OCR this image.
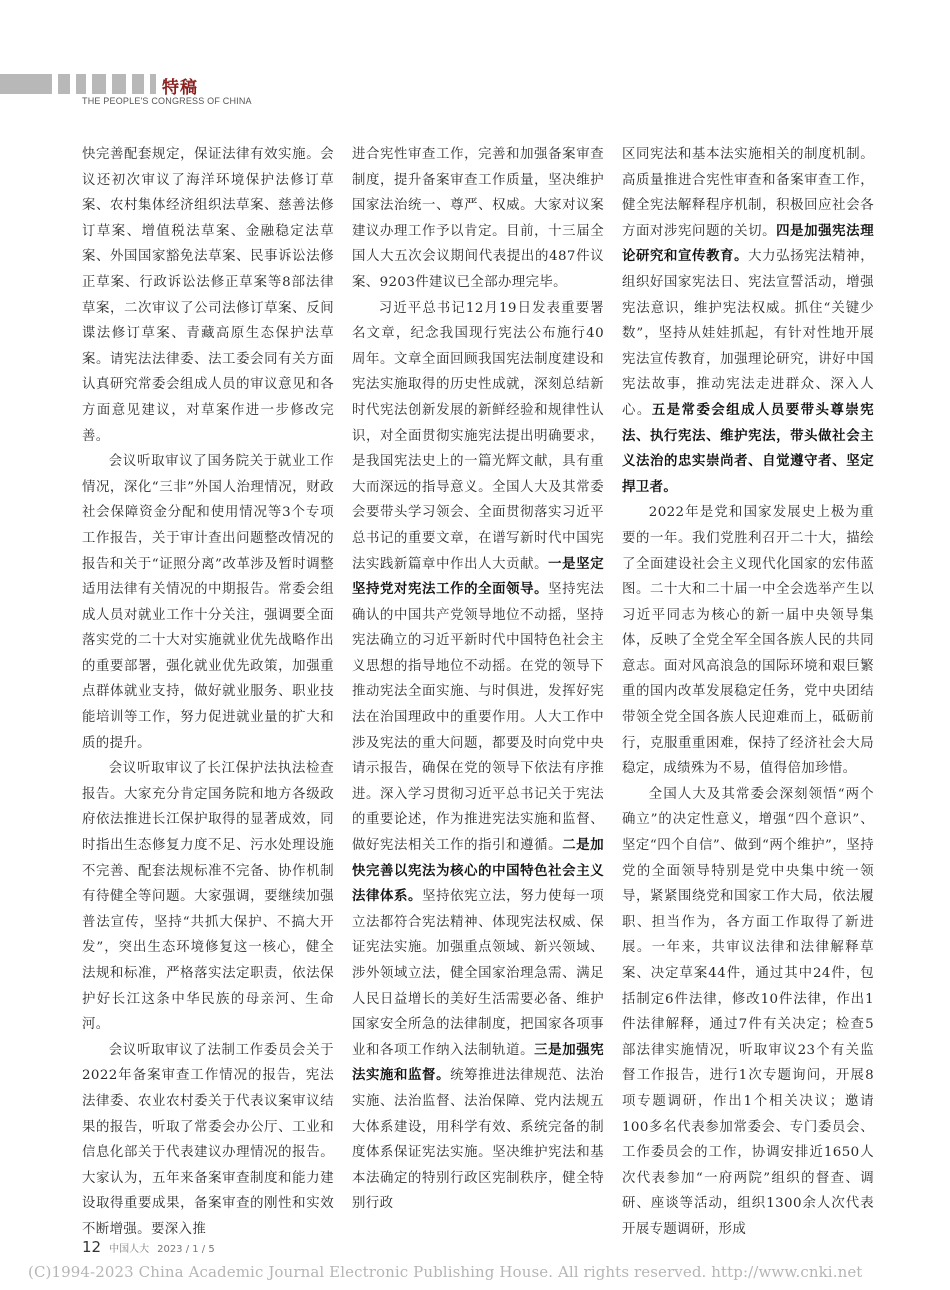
特稿
THE PEOPLE'S CONGRESS OF CHINA

快完善配套规定，保证法律有效实施。会议还初次审议了海洋环境保护法修订草案、农村集体经济组织法草案、慈善法修订草案、增值税法草案、金融稳定法草案、外国国家豁免法草案、民事诉讼法修正草案、行政诉讼法修正草案等8部法律草案，二次审议了公司法修订草案、反间谍法修订草案、青藏高原生态保护法草案。请宪法法律委、法工委会同有关方面认真研究常委会组成人员的审议意见和各方面意见建议，对草案作进一步修改完善。

会议听取审议了国务院关于就业工作情况，深化“三非”外国人治理情况，财政社会保障资金分配和使用情况等3个专项工作报告，关于审计查出问题整改情况的报告和关于“证照分离”改革涉及暂时调整适用法律有关情况的中期报告。常委会组成人员对就业工作十分关注，强调要全面落实党的二十大对实施就业优先战略作出的重要部署，强化就业优先政策，加强重点群体就业支持，做好就业服务、职业技能培训等工作，努力促进就业量的扩大和质的提升。

会议听取审议了长江保护法执法检查报告。大家充分肯定国务院和地方各级政府依法推进长江保护取得的显著成效，同时指出生态修复力度不足、污水处理设施不完善、配套法规标准不完备、协作机制有待健全等问题。大家强调，要继续加强普法宣传，坚持“共抓大保护、不搞大开发”，突出生态环境修复这一核心，健全法规和标准，严格落实法定职责，依法保护好长江这条中华民族的母亲河、生命河。

会议听取审议了法制工作委员会关于2022年备案审查工作情况的报告，宪法法律委、农业农村委关于代表议案审议结果的报告，听取了常委会办公厅、工业和信息化部关于代表建议办理情况的报告。大家认为，五年来备案审查制度和能力建设取得重要成果，备案审查的刚性和实效不断增强。要深入推

进合宪性审查工作，完善和加强备案审查制度，提升备案审查工作质量，坚决维护国家法治统一、尊严、权威。大家对议案建议办理工作予以肯定。目前，十三届全国人大五次会议期间代表提出的487件议案、9203件建议已全部办理完毕。

习近平总书记12月19日发表重要署名文章，纪念我国现行宪法公布施行40周年。文章全面回顾我国宪法制度建设和宪法实施取得的历史性成就，深刻总结新时代宪法创新发展的新鲜经验和规律性认识，对全面贯彻实施宪法提出明确要求，是我国宪法史上的一篇光辉文献，具有重大而深远的指导意义。全国人大及其常委会要带头学习领会、全面贯彻落实习近平总书记的重要文章，在谱写新时代中国宪法实践新篇章中作出人大贡献。一是坚定坚持党对宪法工作的全面领导。坚持宪法确认的中国共产党领导地位不动摇，坚持宪法确立的习近平新时代中国特色社会主义思想的指导地位不动摇。在党的领导下推动宪法全面实施、与时俱进，发挥好宪法在治国理政中的重要作用。人大工作中涉及宪法的重大问题，都要及时向党中央请示报告，确保在党的领导下依法有序推进。深入学习贯彻习近平总书记关于宪法的重要论述，作为推进宪法实施和监督、做好宪法相关工作的指引和遵循。二是加快完善以宪法为核心的中国特色社会主义法律体系。坚持依宪立法，努力使每一项立法都符合宪法精神、体现宪法权威、保证宪法实施。加强重点领域、新兴领域、涉外领域立法，健全国家治理急需、满足人民日益增长的美好生活需要必备、维护国家安全所急的法律制度，把国家各项事业和各项工作纳入法制轨道。三是加强宪法实施和监督。统筹推进法律规范、法治实施、法治监督、法治保障、党内法规五大体系建设，用科学有效、系统完备的制度体系保证宪法实施。坚决维护宪法和基本法确定的特别行政区宪制秩序，健全特别行政

区同宪法和基本法实施相关的制度机制。高质量推进合宪性审查和备案审查工作，健全宪法解释程序机制，积极回应社会各方面对涉宪问题的关切。四是加强宪法理论研究和宣传教育。大力弘扬宪法精神，组织好国家宪法日、宪法宣誓活动，增强宪法意识，维护宪法权威。抓住“关键少数”，坚持从娃娃抓起，有针对性地开展宪法宣传教育，加强理论研究，讲好中国宪法故事，推动宪法走进群众、深入人心。五是常委会组成人员要带头尊崇宪法、执行宪法、维护宪法，带头做社会主义法治的忠实崇尚者、自觉遵守者、坚定捍卫者。

2022年是党和国家发展史上极为重要的一年。我们党胜利召开二十大，描绘了全面建设社会主义现代化国家的宏伟蓝图。二十大和二十届一中全会选举产生以习近平同志为核心的新一届中央领导集体，反映了全党全军全国各族人民的共同意志。面对风高浪急的国际环境和艰巨繁重的国内改革发展稳定任务，党中央团结带领全党全国各族人民迎难而上，砥砺前行，克服重重困难，保持了经济社会大局稳定，成绩殊为不易，值得倍加珍惜。

全国人大及其常委会深刻领悟“两个确立”的决定性意义，增强“四个意识”、坚定“四个自信”、做到“两个维护”，坚持党的全面领导特别是党中央集中统一领导，紧紧围绕党和国家工作大局，依法履职、担当作为，各方面工作取得了新进展。一年来，共审议法律和法律解释草案、决定草案44件，通过其中24件，包括制定6件法律，修改10件法律，作出1件法律解释，通过7件有关决定；检查5部法律实施情况，听取审议23个有关监督工作报告，进行1次专题询问，开展8项专题调研，作出1个相关决议；邀请100多名代表参加常委会、专门委员会、工作委员会的工作，协调安排近1650人次代表参加“一府两院”组织的督查、调研、座谈等活动，组织1300余人次代表开展专题调研，形成

12 中国人大 2023 / 1 / 5
(C)1994-2023 China Academic Journal Electronic Publishing House. All rights reserved. http://www.cnki.net
